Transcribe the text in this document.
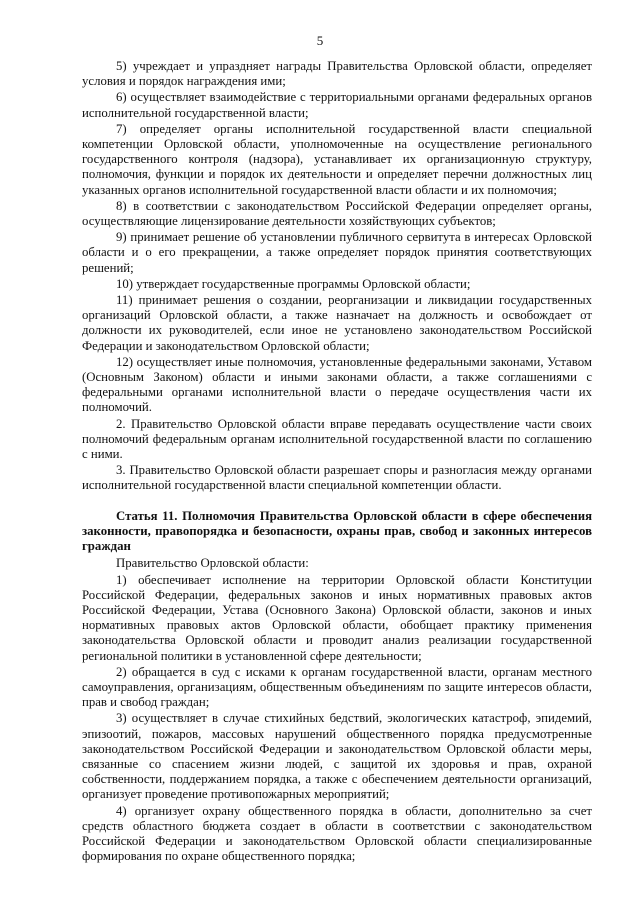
5

5) учреждает и упраздняет награды Правительства Орловской области, определяет условия и порядок награждения ими;

6) осуществляет взаимодействие с территориальными органами федеральных органов исполнительной государственной власти;

7) определяет органы исполнительной государственной власти специальной компетенции Орловской области, уполномоченные на осуществление регионального государственного контроля (надзора), устанавливает их организационную структуру, полномочия, функции и порядок их деятельности и определяет перечни должностных лиц указанных органов исполнительной государственной власти области и их полномочия;

8) в соответствии с законодательством Российской Федерации определяет органы, осуществляющие лицензирование деятельности хозяйствующих субъектов;

9) принимает решение об установлении публичного сервитута в интересах Орловской области и о его прекращении, а также определяет порядок принятия соответствующих решений;

10) утверждает государственные программы Орловской области;

11) принимает решения о создании, реорганизации и ликвидации государственных организаций Орловской области, а также назначает на должность и освобождает от должности их руководителей, если иное не установлено законодательством Российской Федерации и законодательством Орловской области;

12) осуществляет иные полномочия, установленные федеральными законами, Уставом (Основным Законом) области и иными законами области, а также соглашениями с федеральными органами исполнительной власти о передаче осуществления части их полномочий.

2. Правительство Орловской области вправе передавать осуществление части своих полномочий федеральным органам исполнительной государственной власти по соглашению с ними.

3. Правительство Орловской области разрешает споры и разногласия между органами исполнительной государственной власти специальной компетенции области.

Статья 11. Полномочия Правительства Орловской области в сфере обеспечения законности, правопорядка и безопасности, охраны прав, свобод и законных интересов граждан

Правительство Орловской области:

1) обеспечивает исполнение на территории Орловской области Конституции Российской Федерации, федеральных законов и иных нормативных правовых актов Российской Федерации, Устава (Основного Закона) Орловской области, законов и иных нормативных правовых актов Орловской области, обобщает практику применения законодательства Орловской области и проводит анализ реализации государственной региональной политики в установленной сфере деятельности;

2) обращается в суд с исками к органам государственной власти, органам местного самоуправления, организациям, общественным объединениям по защите интересов области, прав и свобод граждан;

3) осуществляет в случае стихийных бедствий, экологических катастроф, эпидемий, эпизоотий, пожаров, массовых нарушений общественного порядка предусмотренные законодательством Российской Федерации и законодательством Орловской области меры, связанные со спасением жизни людей, с защитой их здоровья и прав, охраной собственности, поддержанием порядка, а также с обеспечением деятельности организаций, организует проведение противопожарных мероприятий;

4) организует охрану общественного порядка в области, дополнительно за счет средств областного бюджета создает в области в соответствии с законодательством Российской Федерации и законодательством Орловской области специализированные формирования по охране общественного порядка;
